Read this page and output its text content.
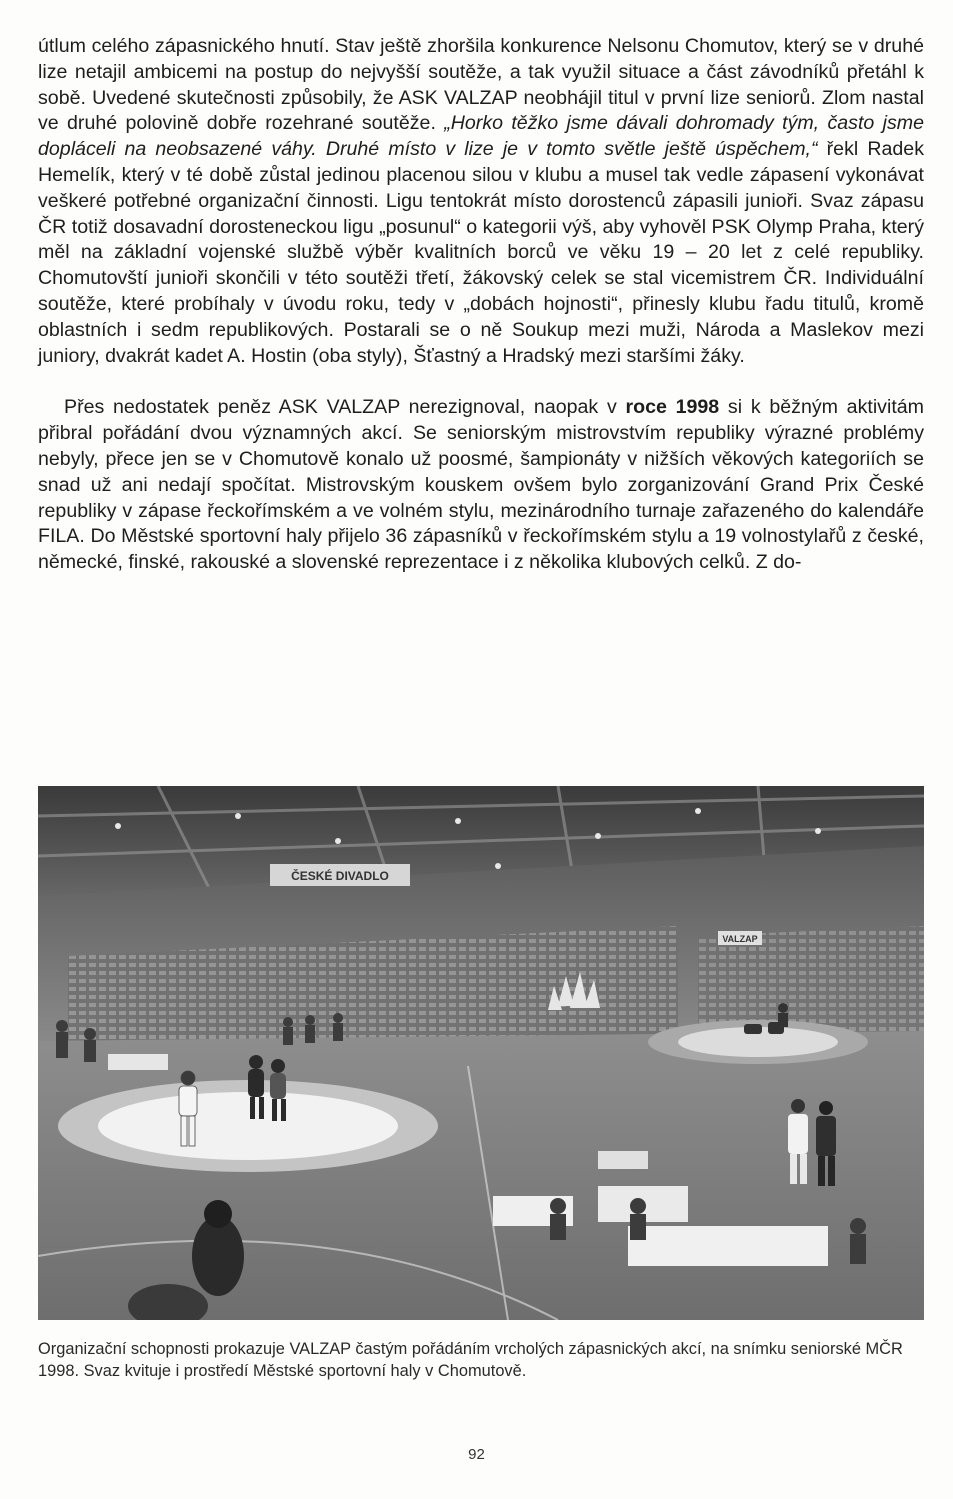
útlum celého zápasnického hnutí. Stav ještě zhoršila konkurence Nelsonu Chomutov, který se v druhé lize netajil ambicemi na postup do nejvyšší soutěže, a tak využil situace a část závodníků přetáhl k sobě. Uvedené skutečnosti způsobily, že ASK VALZAP neobhájil titul v první lize seniorů. Zlom nastal ve druhé polovině dobře rozehrané soutěže. „Horko těžko jsme dávali dohromady tým, často jsme dopláceli na neobsazené váhy. Druhé místo v lize je v tomto světle ještě úspěchem,“ řekl Radek Hemelík, který v té době zůstal jedinou placenou silou v klubu a musel tak vedle zápasení vykonávat veškeré potřebné organizační činnosti. Ligu tentokrát místo dorostenců zápasili junioři. Svaz zápasu ČR totiž dosavadní dorosteneckou ligu „posunul“ o kategorii výš, aby vyhověl PSK Olymp Praha, který měl na základní vojenské službě výběr kvalitních borců ve věku 19 – 20 let z celé republiky. Chomutovští junioři skončili v této soutěži třetí, žákovský celek se stal vicemistrem ČR. Individuální soutěže, které probíhaly v úvodu roku, tedy v „dobách hojnosti“, přinesly klubu řadu titulů, kromě oblastních i sedm republikových. Postarali se o ně Soukup mezi muži, Národa a Maslekov mezi juniory, dvakrát kadet A. Hostin (oba styly), Šťastný a Hradský mezi staršími žáky.

Přes nedostatek peněz ASK VALZAP nerezignoval, naopak v roce 1998 si k běžným aktivitám přibral pořádání dvou významných akcí. Se seniorským mistrovstvím republiky výrazné problémy nebyly, přece jen se v Chomutově konalo už poosmé, šampionáty v nižších věkových kategoriích se snad už ani nedají spočítat. Mistrovským kouskem ovšem bylo zorganizování Grand Prix České republiky v zápase řeckořímském a ve volném stylu, mezinárodního turnaje zařazeného do kalendáře FILA. Do Městské sportovní haly přijelo 36 zápasníků v řeckořímském stylu a 19 volnostylařů z české, německé, finské, rakouské a slovenské reprezentace i z několika klubových celků. Z do-

ČESKÉ DIVADLO
VALZAP

Organizační schopnosti prokazuje VALZAP častým pořádáním vrcholých zápasnických akcí, na snímku seniorské MČR 1998. Svaz kvituje i prostředí Městské sportovní haly v Chomutově.

92
